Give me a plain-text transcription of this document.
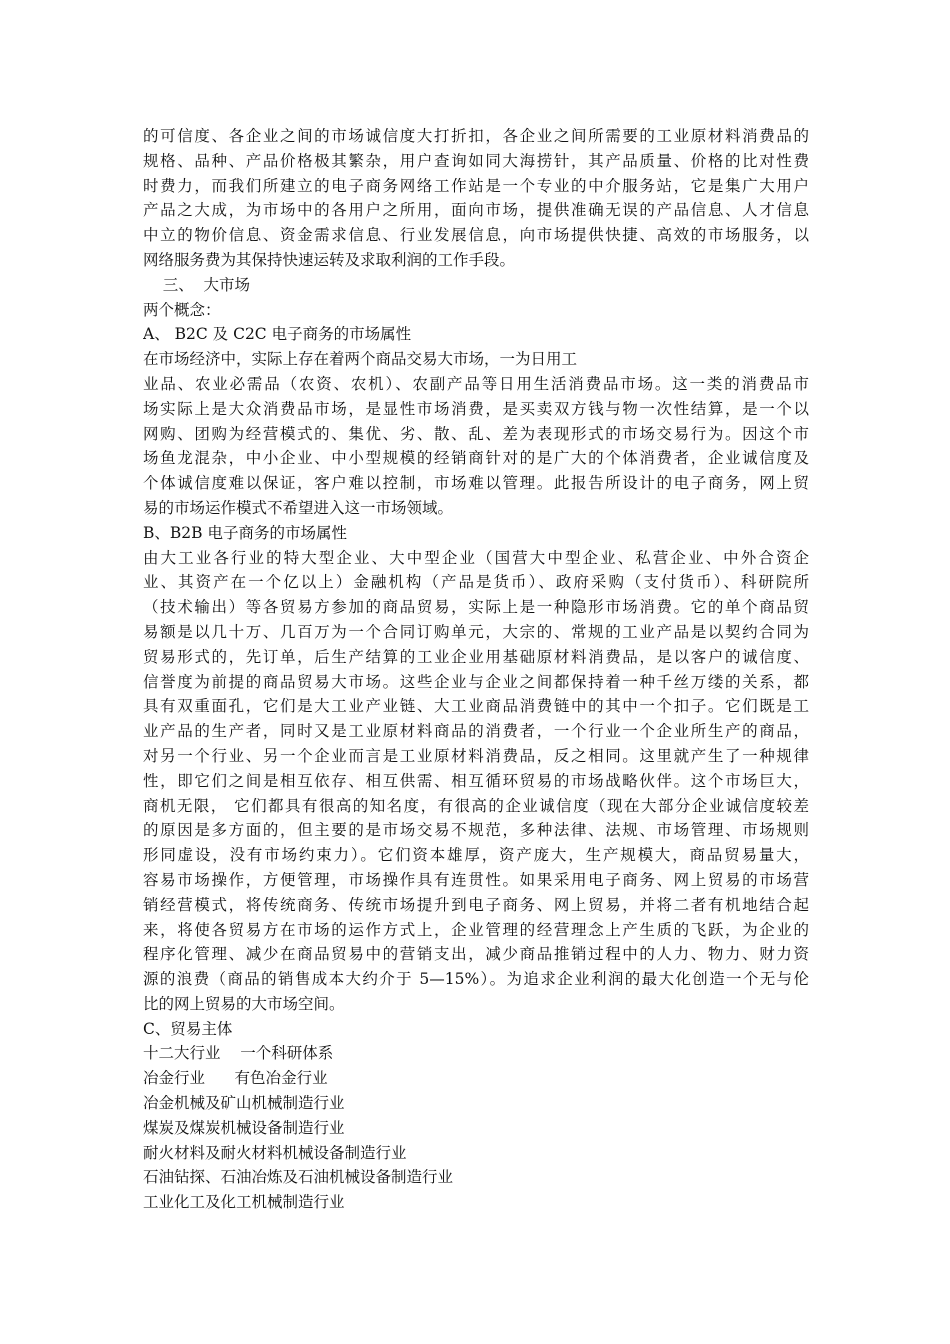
的可信度、各企业之间的市场诚信度大打折扣，各企业之间所需要的工业原材料消费品的
规格、品种、产品价格极其繁杂，用户查询如同大海捞针，其产品质量、价格的比对性费
时费力，而我们所建立的电子商务网络工作站是一个专业的中介服务站，它是集广大用户
产品之大成，为市场中的各用户之所用，面向市场，提供准确无误的产品信息、人才信息
中立的物价信息、资金需求信息、行业发展信息，向市场提供快捷、高效的市场服务，以
网络服务费为其保持快速运转及求取利润的工作手段。
三、  大市场
两个概念：
A、 B2C 及 C2C 电子商务的市场属性
在市场经济中，实际上存在着两个商品交易大市场，一为日用工
业品、农业必需品（农资、农机）、农副产品等日用生活消费品市场。这一类的消费品市
场实际上是大众消费品市场，是显性市场消费，是买卖双方钱与物一次性结算，是一个以
网购、团购为经营模式的、集优、劣、散、乱、差为表现形式的市场交易行为。因这个市
场鱼龙混杂，中小企业、中小型规模的经销商针对的是广大的个体消费者，企业诚信度及
个体诚信度难以保证，客户难以控制，市场难以管理。此报告所设计的电子商务，网上贸
易的市场运作模式不希望进入这一市场领域。
B、B2B 电子商务的市场属性
由大工业各行业的特大型企业、大中型企业（国营大中型企业、私营企业、中外合资企
业、其资产在一个亿以上）金融机构（产品是货币）、政府采购（支付货币）、科研院所
（技术输出）等各贸易方参加的商品贸易，实际上是一种隐形市场消费。它的单个商品贸
易额是以几十万、几百万为一个合同订购单元，大宗的、常规的工业产品是以契约合同为
贸易形式的，先订单，后生产结算的工业企业用基础原材料消费品，是以客户的诚信度、
信誉度为前提的商品贸易大市场。这些企业与企业之间都保持着一种千丝万缕的关系，都
具有双重面孔，它们是大工业产业链、大工业商品消费链中的其中一个扣子。它们既是工
业产品的生产者，同时又是工业原材料商品的消费者，一个行业一个企业所生产的商品，
对另一个行业、另一个企业而言是工业原材料消费品，反之相同。这里就产生了一种规律
性，即它们之间是相互依存、相互供需、相互循环贸易的市场战略伙伴。这个市场巨大，
商机无限， 它们都具有很高的知名度，有很高的企业诚信度（现在大部分企业诚信度较差
的原因是多方面的，但主要的是市场交易不规范，多种法律、法规、市场管理、市场规则
形同虚设，没有市场约束力）。它们资本雄厚，资产庞大，生产规模大，商品贸易量大，
容易市场操作，方便管理，市场操作具有连贯性。如果采用电子商务、网上贸易的市场营
销经营模式，将传统商务、传统市场提升到电子商务、网上贸易，并将二者有机地结合起
来，将使各贸易方在市场的运作方式上，企业管理的经营理念上产生质的飞跃，为企业的
程序化管理、减少在商品贸易中的营销支出，减少商品推销过程中的人力、物力、财力资
源的浪费（商品的销售成本大约介于 5—15%）。为追求企业利润的最大化创造一个无与伦
比的网上贸易的大市场空间。
C、贸易主体
十二大行业    一个科研体系
冶金行业      有色冶金行业
冶金机械及矿山机械制造行业
煤炭及煤炭机械设备制造行业
耐火材料及耐火材料机械设备制造行业
石油钻探、石油冶炼及石油机械设备制造行业
工业化工及化工机械制造行业
